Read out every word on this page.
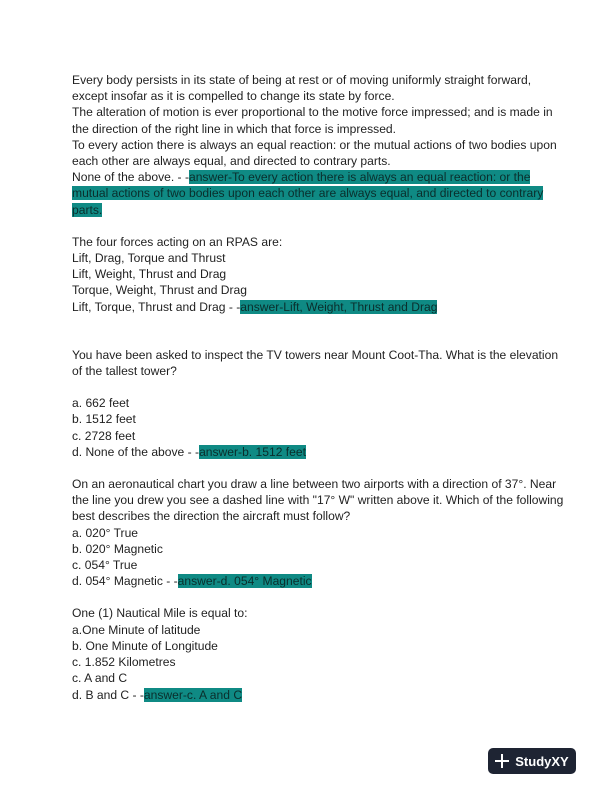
Every body persists in its state of being at rest or of moving uniformly straight forward,
except insofar as it is compelled to change its state by force.
The alteration of motion is ever proportional to the motive force impressed; and is made in
the direction of the right line in which that force is impressed.
To every action there is always an equal reaction: or the mutual actions of two bodies upon
each other are always equal, and directed to contrary parts.
None of the above. - -answer-To every action there is always an equal reaction: or the
mutual actions of two bodies upon each other are always equal, and directed to contrary
parts.
The four forces acting on an RPAS are:
Lift, Drag, Torque and Thrust
Lift, Weight, Thrust and Drag
Torque, Weight, Thrust and Drag
Lift, Torque, Thrust and Drag - -answer-Lift, Weight, Thrust and Drag
You have been asked to inspect the TV towers near Mount Coot-Tha. What is the elevation
of the tallest tower?
a. 662 feet
b. 1512 feet
c. 2728 feet
d. None of the above - -answer-b. 1512 feet
On an aeronautical chart you draw a line between two airports with a direction of 37°. Near
the line you drew you see a dashed line with "17° W" written above it. Which of the following
best describes the direction the aircraft must follow?
a. 020° True
b. 020° Magnetic
c. 054° True
d. 054° Magnetic - -answer-d. 054° Magnetic
One (1) Nautical Mile is equal to:
a.One Minute of latitude
b. One Minute of Longitude
c. 1.852 Kilometres
c. A and C
d. B and C - -answer-c. A and C
StudyXY
